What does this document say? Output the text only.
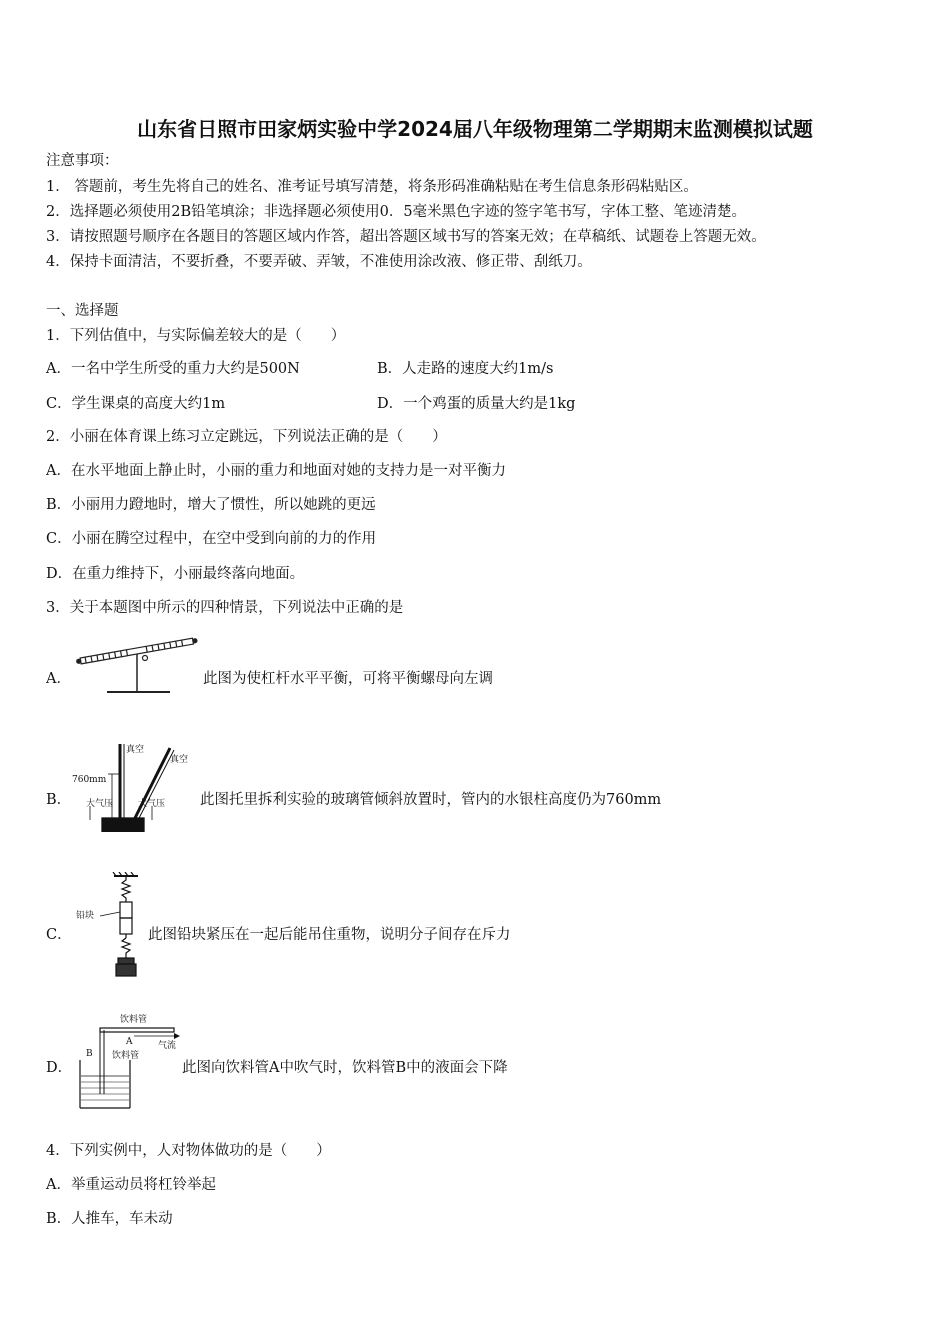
山东省日照市田家炳实验中学2024届八年级物理第二学期期末监测模拟试题
注意事项：
1． 答题前，考生先将自己的姓名、准考证号填写清楚，将条形码准确粘贴在考生信息条形码粘贴区。
2．选择题必须使用2B铅笔填涂；非选择题必须使用0．5毫米黑色字迹的签字笔书写，字体工整、笔迹清楚。
3．请按照题号顺序在各题目的答题区域内作答，超出答题区域书写的答案无效；在草稿纸、试题卷上答题无效。
4．保持卡面清洁，不要折叠，不要弄破、弄皱，不准使用涂改液、修正带、刮纸刀。
一、选择题
1．下列估值中，与实际偏差较大的是（　　）
A．一名中学生所受的重力大约是500N	B．人走路的速度大约1m/s
C．学生课桌的高度大约1m	D．一个鸡蛋的质量大约是1kg
2．小丽在体育课上练习立定跳远，下列说法正确的是（　　）
A．在水平地面上静止时，小丽的重力和地面对她的支持力是一对平衡力
B．小丽用力蹬地时，增大了惯性，所以她跳的更远
C．小丽在腾空过程中，在空中受到向前的力的作用
D．在重力维持下，小丽最终落向地面。
3．关于本题图中所示的四种情景，下列说法中正确的是
A．	此图为使杠杆水平平衡，可将平衡螺母向左调
B．
真空
真空
760mm
大气压	大气压 此图托里拆利实验的玻璃管倾斜放置时，管内的水银柱高度仍为760mm
C．
铅块
此图铅块紧压在一起后能吊住重物，说明分子间存在斥力
D．
饮料管
A	气流
B 饮料管
此图向饮料管A中吹气时，饮料管B中的液面会下降
4．下列实例中，人对物体做功的是（　　）
A．举重运动员将杠铃举起
B．人推车，车未动
